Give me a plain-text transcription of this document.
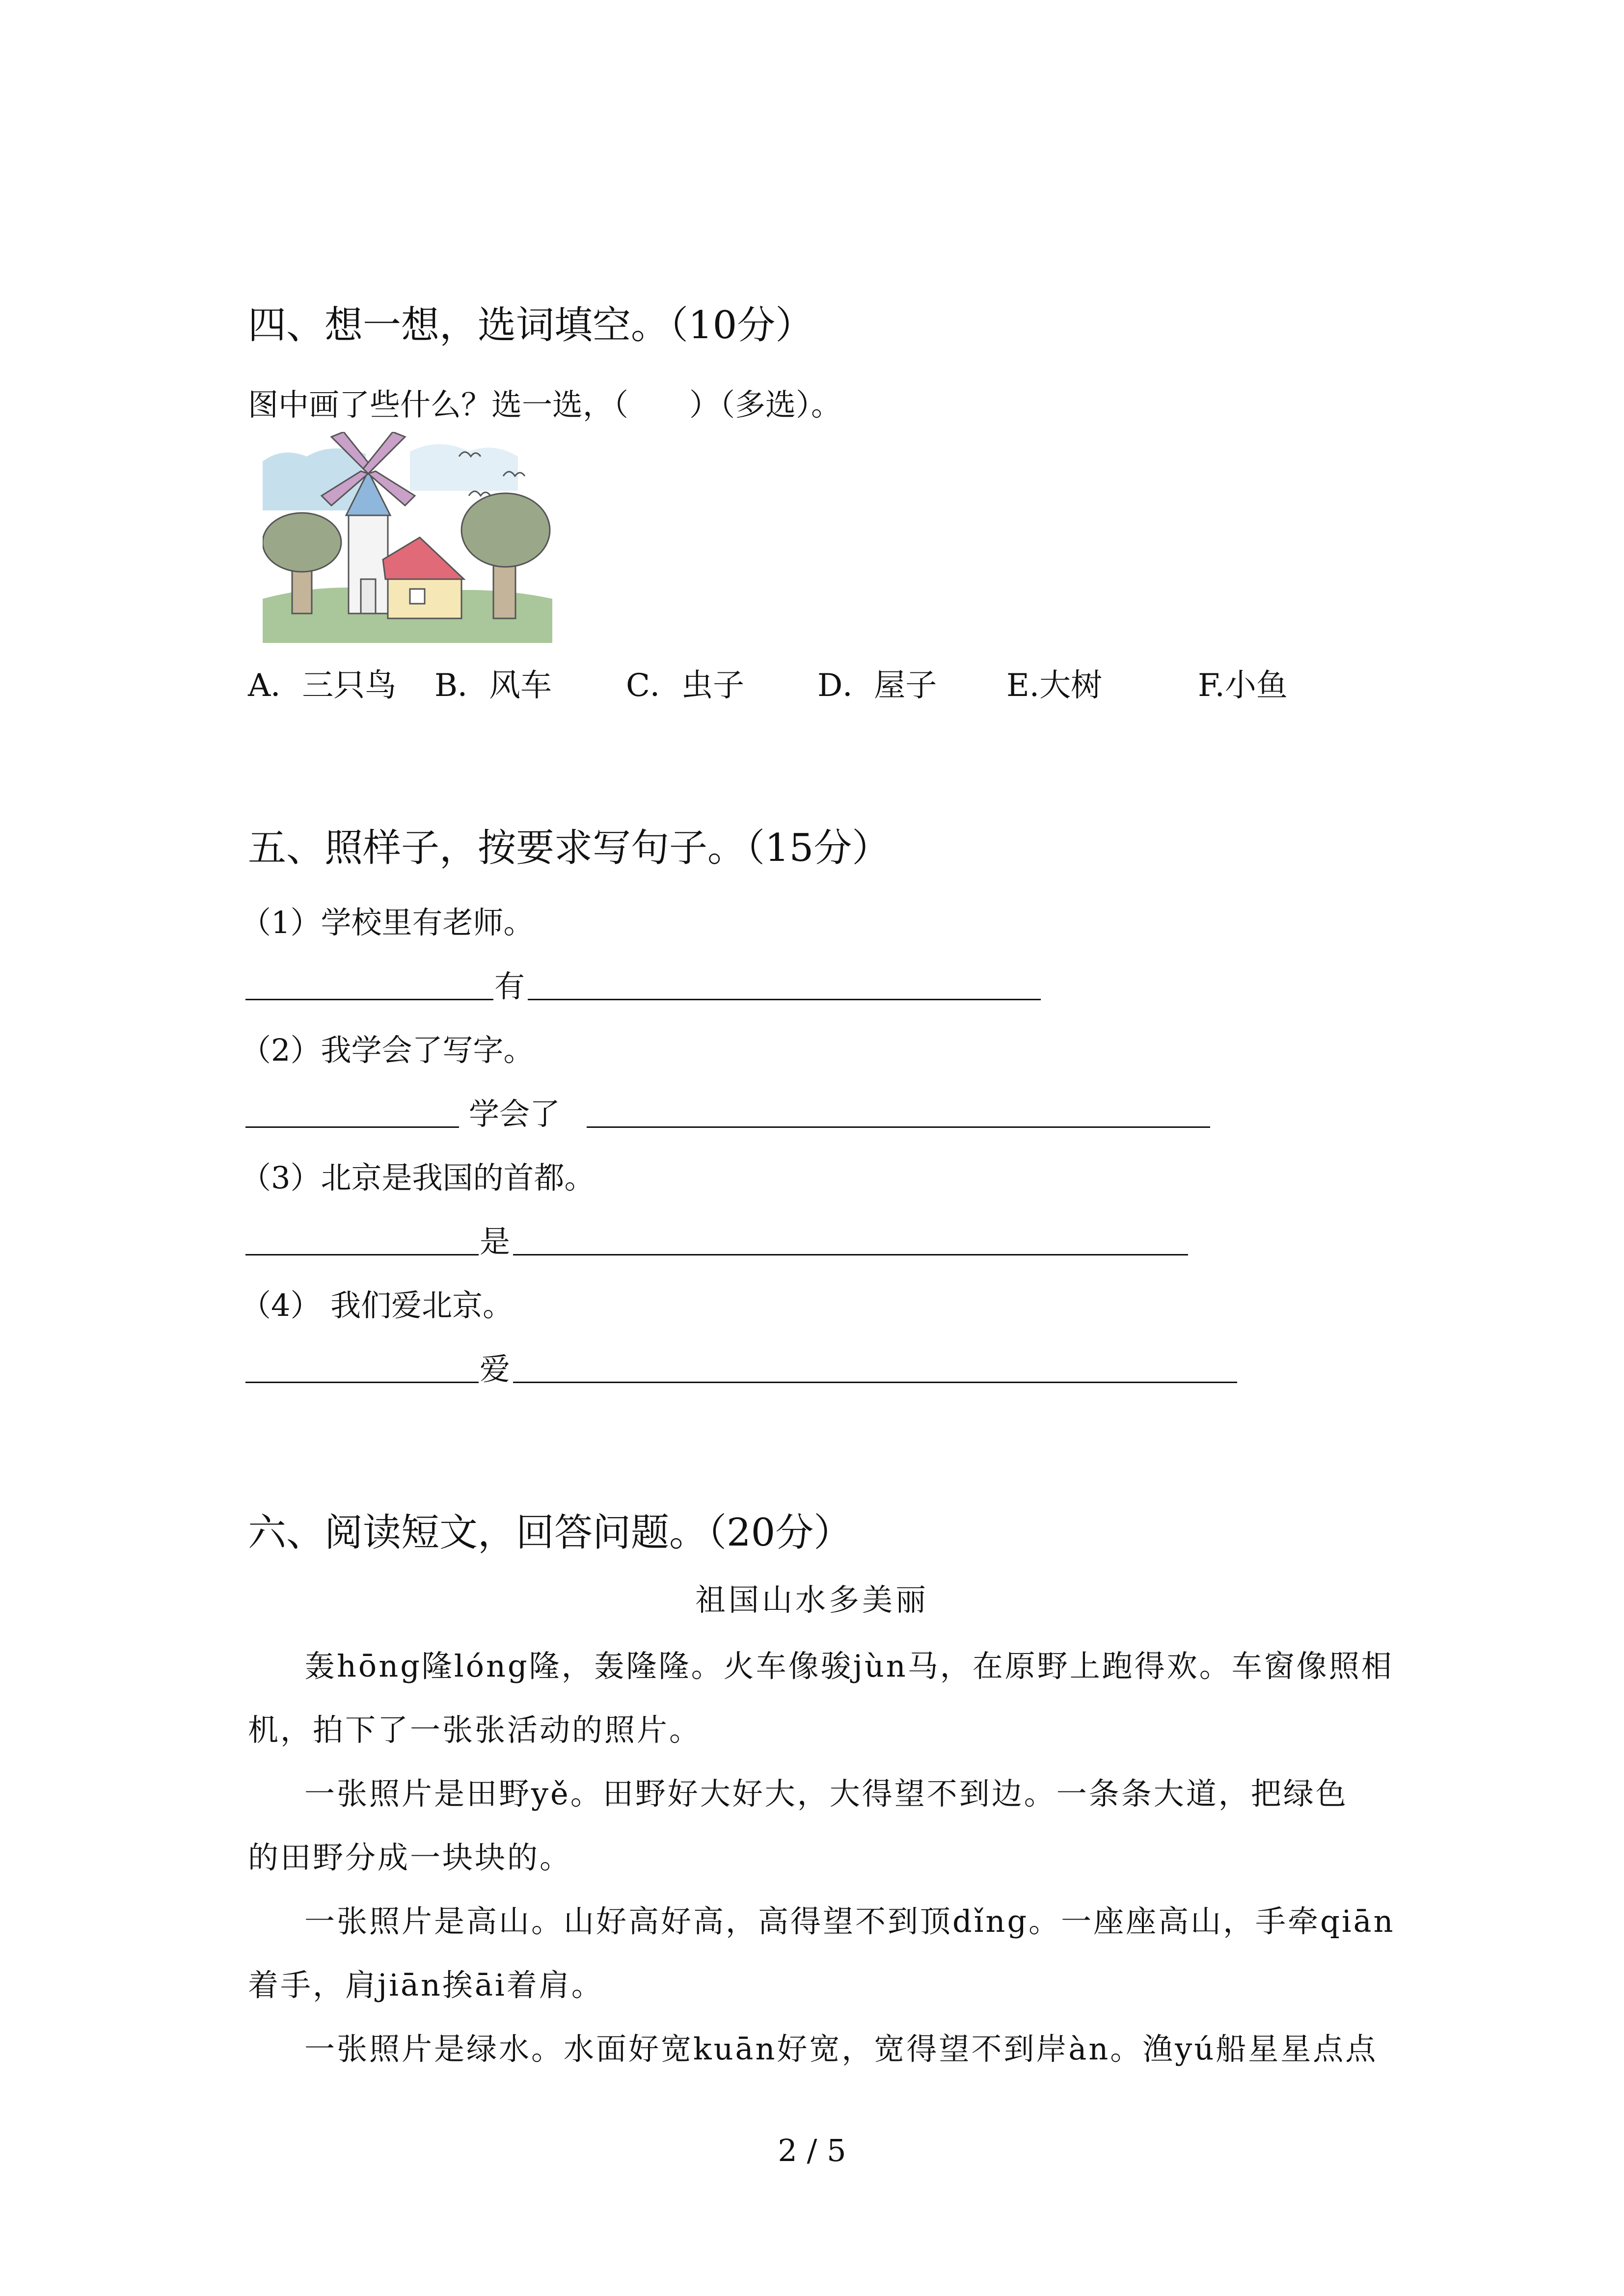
四、想一想，选词填空。（10分）
图中画了些什么？选一选，（　　）（多选）。
A．三只鸟 B．风车 C．虫子 D．屋子 E.大树	F.小鱼
五、照样子，按要求写句子。（15分）
（1）学校里有老师。
有
（2）我学会了写字。
学会了
（3）北京是我国的首都。
是
（4） 我们爱北京。
爱
六、阅读短文，回答问题。（20分）
祖国山水多美丽
轰hōng隆lóng隆，轰隆隆。火车像骏jùn马，在原野上跑得欢。车窗像照相
机，拍下了一张张活动的照片。
一张照片是田野yě。田野好大好大，大得望不到边。一条条大道，把绿色
的田野分成一块块的。
一张照片是高山。山好高好高，高得望不到顶dǐng。一座座高山，手牵qiān
着手，肩jiān挨āi着肩。
一张照片是绿水。水面好宽kuān好宽，宽得望不到岸àn。渔yú船星星点点
2 / 5
